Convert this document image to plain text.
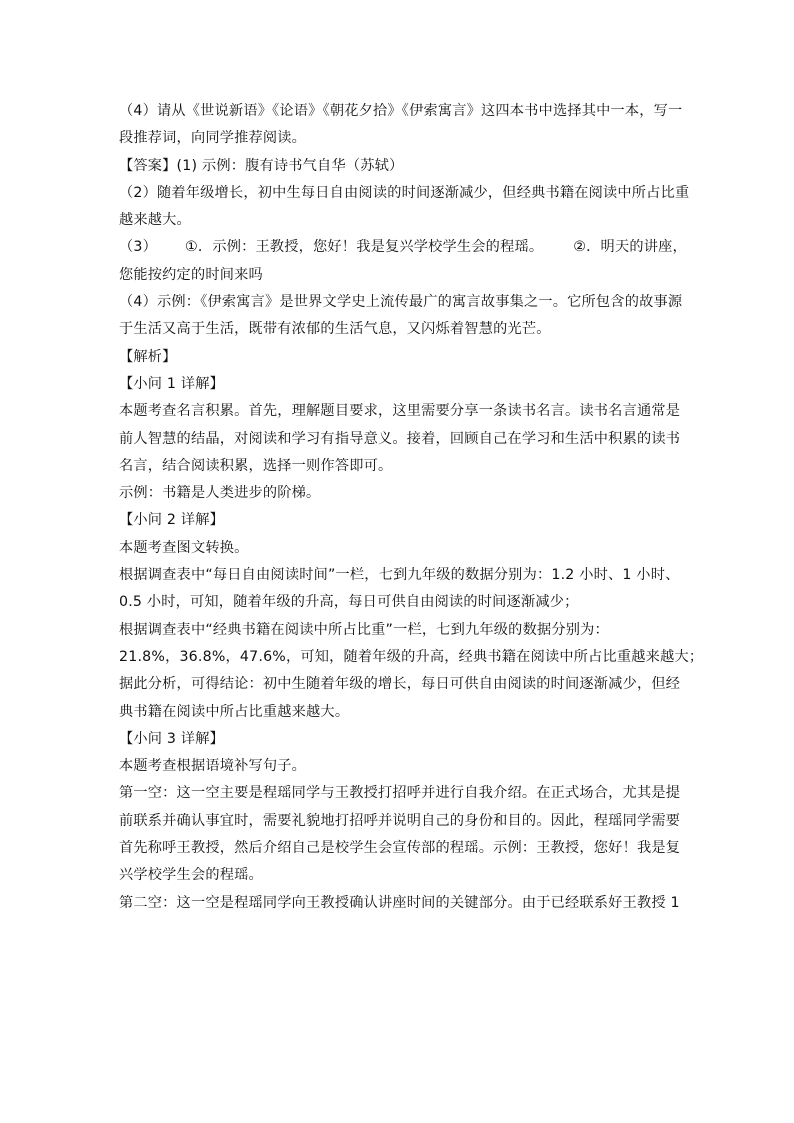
（4）请从《世说新语》《论语》《朝花夕拾》《伊索寓言》这四本书中选择其中一本，写一
段推荐词，向同学推荐阅读。
【答案】(1) 示例：腹有诗书气自华（苏轼）
（2）随着年级增长，初中生每日自由阅读的时间逐渐减少，但经典书籍在阅读中所占比重
越来越大。
（3） ①．示例：王教授，您好！我是复兴学校学生会的程瑶。 ②．明天的讲座，
您能按约定的时间来吗
（4）示例：《伊索寓言》是世界文学史上流传最广的寓言故事集之一。它所包含的故事源
于生活又高于生活，既带有浓郁的生活气息，又闪烁着智慧的光芒。
【解析】
【小问 1 详解】
本题考查名言积累。首先，理解题目要求，这里需要分享一条读书名言。读书名言通常是
前人智慧的结晶，对阅读和学习有指导意义。接着，回顾自己在学习和生活中积累的读书
名言，结合阅读积累，选择一则作答即可。
示例：书籍是人类进步的阶梯。
【小问 2 详解】
本题考查图文转换。
根据调查表中“每日自由阅读时间”一栏，七到九年级的数据分别为：1.2 小时、1 小时、
0.5 小时，可知，随着年级的升高，每日可供自由阅读的时间逐渐减少；
根据调查表中“经典书籍在阅读中所占比重”一栏，七到九年级的数据分别为：
21.8%，36.8%，47.6%，可知，随着年级的升高，经典书籍在阅读中所占比重越来越大；
据此分析，可得结论：初中生随着年级的增长，每日可供自由阅读的时间逐渐减少，但经
典书籍在阅读中所占比重越来越大。
【小问 3 详解】
本题考查根据语境补写句子。
第一空：这一空主要是程瑶同学与王教授打招呼并进行自我介绍。在正式场合，尤其是提
前联系并确认事宜时，需要礼貌地打招呼并说明自己的身份和目的。因此，程瑶同学需要
首先称呼王教授，然后介绍自己是校学生会宣传部的程瑶。示例：王教授，您好！我是复
兴学校学生会的程瑶。
第二空：这一空是程瑶同学向王教授确认讲座时间的关键部分。由于已经联系好王教授 1
